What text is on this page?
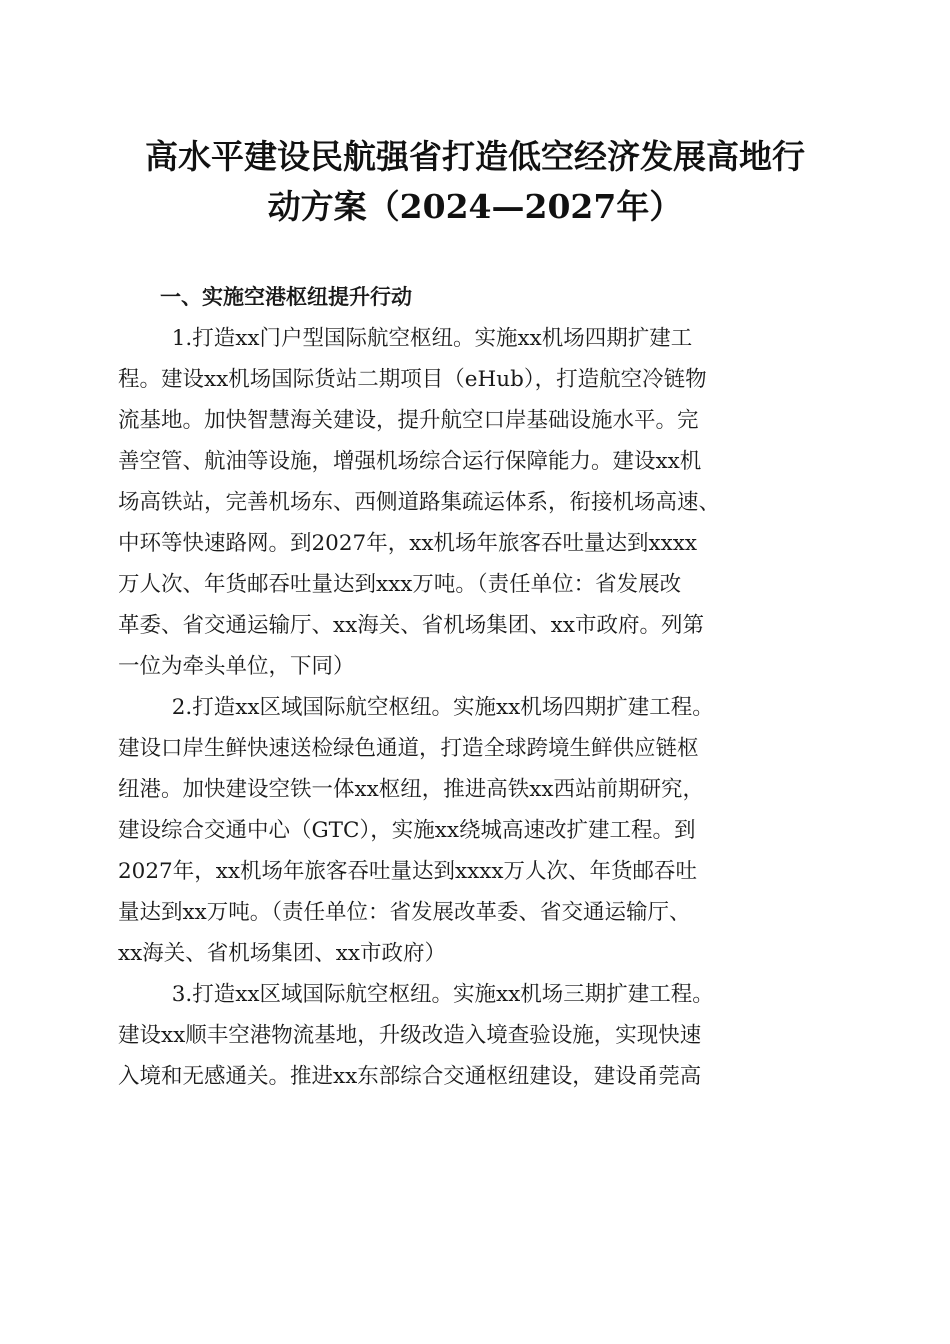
高水平建设民航强省打造低空经济发展高地行
动方案（2024—2027年）

一、实施空港枢纽提升行动

1.打造xx门户型国际航空枢纽。实施xx机场四期扩建工
程。建设xx机场国际货站二期项目（eHub），打造航空冷链物
流基地。加快智慧海关建设，提升航空口岸基础设施水平。完
善空管、航油等设施，增强机场综合运行保障能力。建设xx机
场高铁站，完善机场东、西侧道路集疏运体系，衔接机场高速、
中环等快速路网。到2027年，xx机场年旅客吞吐量达到xxxx
万人次、年货邮吞吐量达到xxx万吨。（责任单位：省发展改
革委、省交通运输厅、xx海关、省机场集团、xx市政府。列第
一位为牵头单位，下同）

2.打造xx区域国际航空枢纽。实施xx机场四期扩建工程。
建设口岸生鲜快速送检绿色通道，打造全球跨境生鲜供应链枢
纽港。加快建设空铁一体xx枢纽，推进高铁xx西站前期研究，
建设综合交通中心（GTC），实施xx绕城高速改扩建工程。到
2027年，xx机场年旅客吞吐量达到xxxx万人次、年货邮吞吐
量达到xx万吨。（责任单位：省发展改革委、省交通运输厅、
xx海关、省机场集团、xx市政府）

3.打造xx区域国际航空枢纽。实施xx机场三期扩建工程。
建设xx顺丰空港物流基地，升级改造入境查验设施，实现快速
入境和无感通关。推进xx东部综合交通枢纽建设，建设甬莞高
